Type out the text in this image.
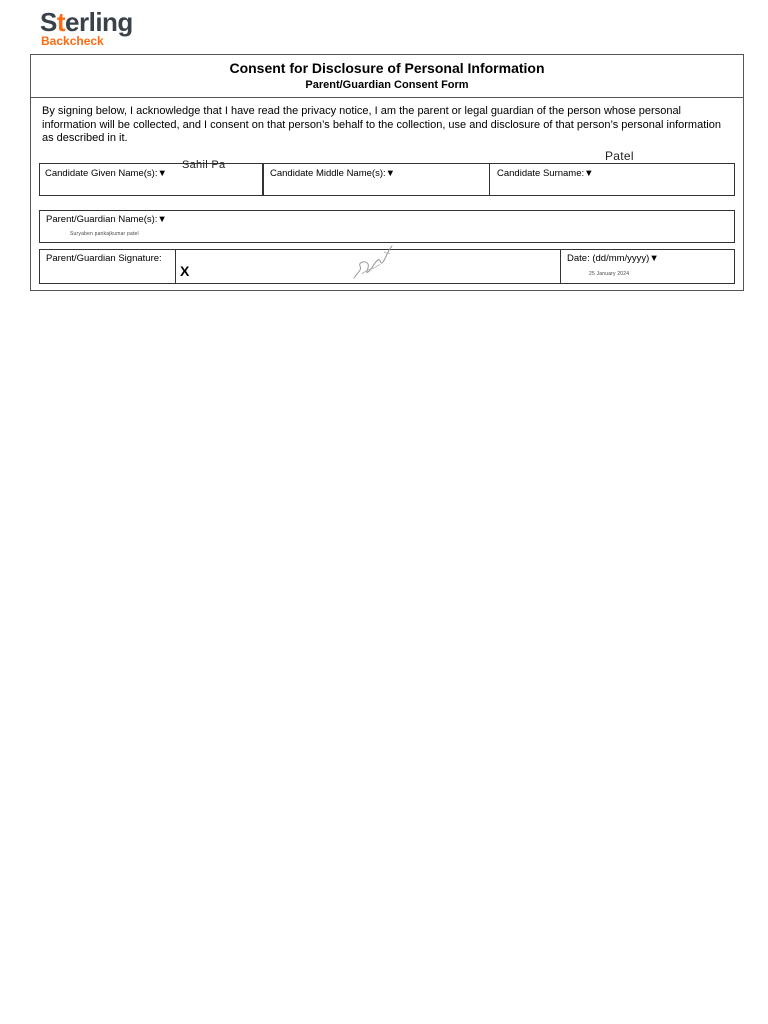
Sterling
Backcheck
Consent for Disclosure of Personal Information
Parent/Guardian Consent Form
By signing below, I acknowledge that I have read the privacy notice, I am the parent or legal guardian of the person whose personal information will be collected, and I consent on that person’s behalf to the collection, use and disclosure of that person’s personal information as described in it.
Candidate Given Name(s):▼	Candidate Middle Name(s):▼	Candidate Surname:▼
Sahil Pa
Patel
Parent/Guardian Name(s):▼
Suryaben pankajkumar patel
Parent/Guardian Signature:
X
Date: (dd/mm/yyyy)▼
25 January 2024
